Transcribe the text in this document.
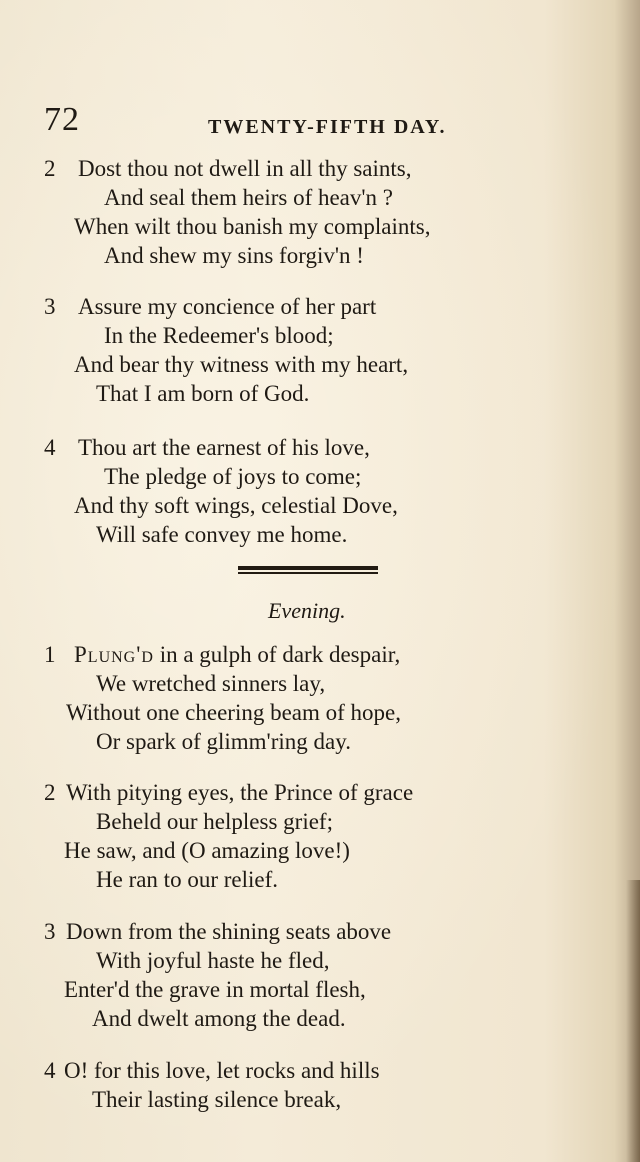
72	TWENTY-FIFTH DAY.
2 Dost thou not dwell in all thy saints,
And seal them heirs of heav'n ?
When wilt thou banish my complaints,
And shew my sins forgiv'n !
3 Assure my concience of her part
In the Redeemer's blood;
And bear thy witness with my heart,
That I am born of God.
4 Thou art the earnest of his love,
The pledge of joys to come;
And thy soft wings, celestial Dove,
Will safe convey me home.
Evening.
1 Plung'd in a gulph of dark despair,
We wretched sinners lay,
Without one cheering beam of hope,
Or spark of glimm'ring day.
2 With pitying eyes, the Prince of grace
Beheld our helpless grief;
He saw, and (O amazing love!)
He ran to our relief.
3 Down from the shining seats above
With joyful haste he fled,
Enter'd the grave in mortal flesh,
And dwelt among the dead.
4 O! for this love, let rocks and hills
Their lasting silence break,
